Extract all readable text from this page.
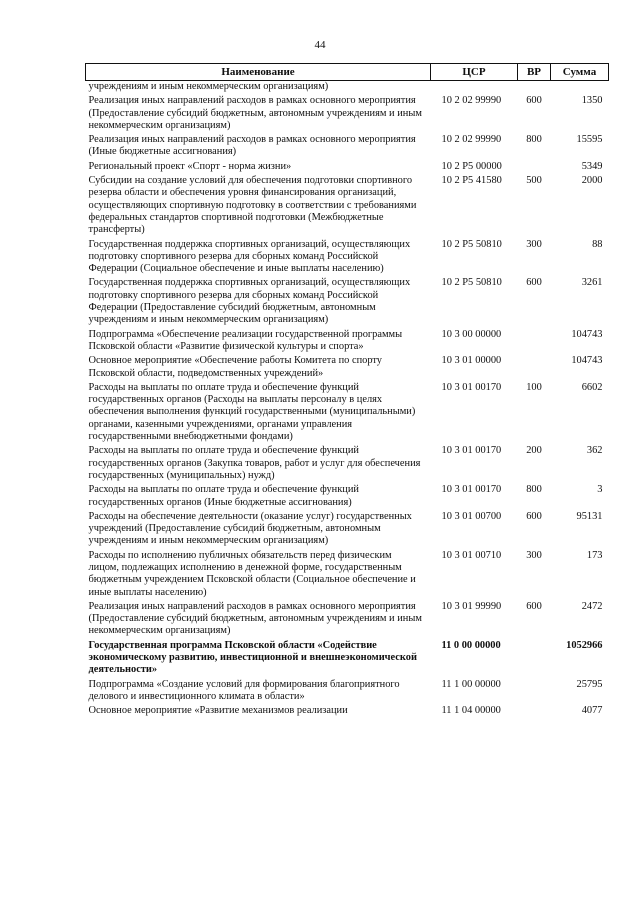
44
Наименование	ЦСР	ВР	Сумма
учреждениям и иным некоммерческим организациям)			
Реализация иных направлений расходов в рамках основного мероприятия (Предоставление субсидий бюджетным, автономным учреждениям и иным некоммерческим организациям)	10 2 02 99990	600	1350
Реализация иных направлений расходов в рамках основного мероприятия (Иные бюджетные ассигнования)	10 2 02 99990	800	15595
Региональный проект «Спорт - норма жизни»	10 2 P5 00000		5349
Субсидии на создание условий для обеспечения подготовки спортивного резерва области и обеспечения уровня финансирования организаций, осуществляющих спортивную подготовку в соответствии с требованиями федеральных стандартов спортивной подготовки (Межбюджетные трансферты)	10 2 P5 41580	500	2000
Государственная поддержка спортивных организаций, осуществляющих подготовку спортивного резерва для сборных команд Российской Федерации (Социальное обеспечение и иные выплаты населению)	10 2 P5 50810	300	88
Государственная поддержка спортивных организаций, осуществляющих подготовку спортивного резерва для сборных команд Российской Федерации (Предоставление субсидий бюджетным, автономным учреждениям и иным некоммерческим организациям)	10 2 P5 50810	600	3261
Подпрограмма «Обеспечение реализации государственной программы Псковской области «Развитие физической культуры и спорта»	10 3 00 00000		104743
Основное мероприятие «Обеспечение работы Комитета по спорту Псковской области, подведомственных учреждений»	10 3 01 00000		104743
Расходы на выплаты по оплате труда и обеспечение функций государственных органов (Расходы на выплаты персоналу в целях обеспечения выполнения функций государственными (муниципальными) органами, казенными учреждениями, органами управления государственными внебюджетными фондами)	10 3 01 00170	100	6602
Расходы на выплаты по оплате труда и обеспечение функций государственных органов (Закупка товаров, работ и услуг для обеспечения государственных (муниципальных) нужд)	10 3 01 00170	200	362
Расходы на выплаты по оплате труда и обеспечение функций государственных органов (Иные бюджетные ассигнования)	10 3 01 00170	800	3
Расходы на обеспечение деятельности (оказание услуг) государственных учреждений (Предоставление субсидий бюджетным, автономным учреждениям и иным некоммерческим организациям)	10 3 01 00700	600	95131
Расходы по исполнению публичных обязательств перед физическим лицом, подлежащих исполнению в денежной форме, государственным бюджетным учреждением Псковской области (Социальное обеспечение и иные выплаты населению)	10 3 01 00710	300	173
Реализация иных направлений расходов в рамках основного мероприятия (Предоставление субсидий бюджетным, автономным учреждениям и иным некоммерческим организациям)	10 3 01 99990	600	2472
Государственная программа Псковской области «Содействие экономическому развитию, инвестиционной и внешнеэкономической деятельности»	11 0 00 00000		1052966
Подпрограмма «Создание условий для формирования благоприятного делового и инвестиционного климата в области»	11 1 00 00000		25795
Основное мероприятие «Развитие механизмов реализации	11 1 04 00000		4077
